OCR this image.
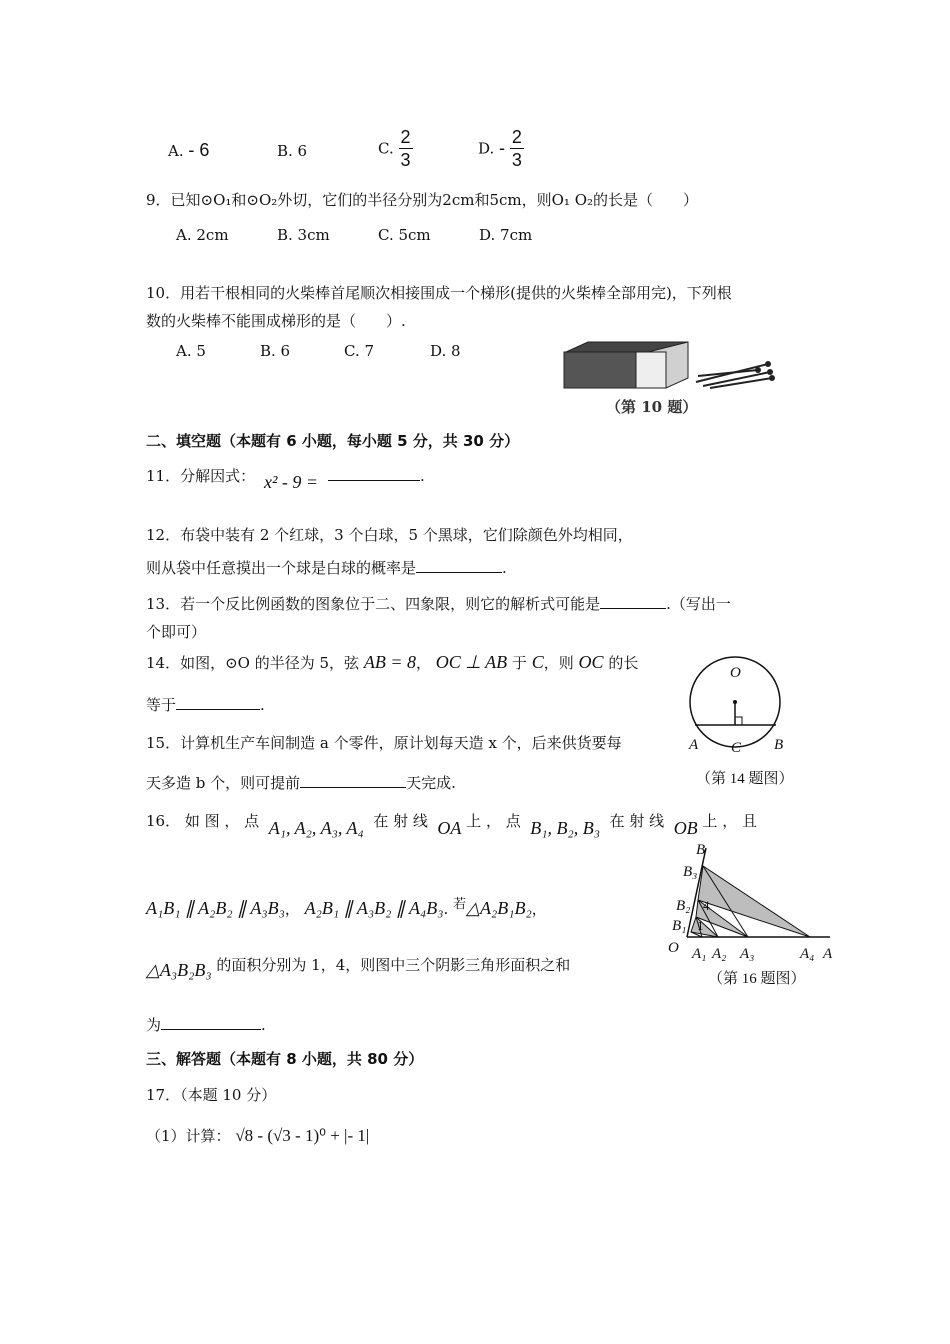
A. - 6	B. 6	C. $\frac{2}{3}$	D. - $\frac{2}{3}$
9．已知⊙O₁和⊙O₂外切，它们的半径分别为2cm和5cm，则O₁ O₂的长是（　　）
A. 2cm	B. 3cm	C. 5cm	D. 7cm
10．用若干根相同的火柴棒首尾顺次相接围成一个梯形(提供的火柴棒全部用完)，下列根
数的火柴棒不能围成梯形的是（　　）.
A. 5	B. 6	C. 7	D. 8
（第 10 题）
二、填空题（本题有 6 小题，每小题 5 分，共 30 分）
11．分解因式： x² - 9 =	.
12．布袋中装有 2 个红球，3 个白球，5 个黑球，它们除颜色外均相同，
则从袋中任意摸出一个球是白球的概率是	.
13．若一个反比例函数的图象位于二、四象限，则它的解析式可能是	.（写出一
个即可）
14．如图，⊙O 的半径为 5，弦 AB = 8， OC ⊥ AB 于 C，则 OC 的长
等于	.
O
A C B
（第 14 题图）
15．计算机生产车间制造 a 个零件，原计划每天造 x 个，后来供货要每
天多造 b 个，则可提前	天完成.
16． 如 图 ， 点 A₁, A₂, A₃, A₄ 在 射 线 OA 上 ， 点 B₁, B₂, B₃ 在 射 线 OB 上 ， 且
A₁B₁ ∥ A₂B₂ ∥ A₃B₃， A₂B₁ ∥ A₃B₂ ∥ A₄B₃. 若△A₂B₁B₂，
△A₃B₂B₃ 的面积分别为 1，4，则图中三个阴影三角形面积之和
为	.
B
B₃
B₂ 4
B₁ 1
O A₁ A₂ A₃	A₄ A
（第 16 题图）
三、解答题（本题有 8 小题，共 80 分）
17．（本题 10 分）
（1）计算： √8 - (√3 - 1)⁰ + |- 1|
